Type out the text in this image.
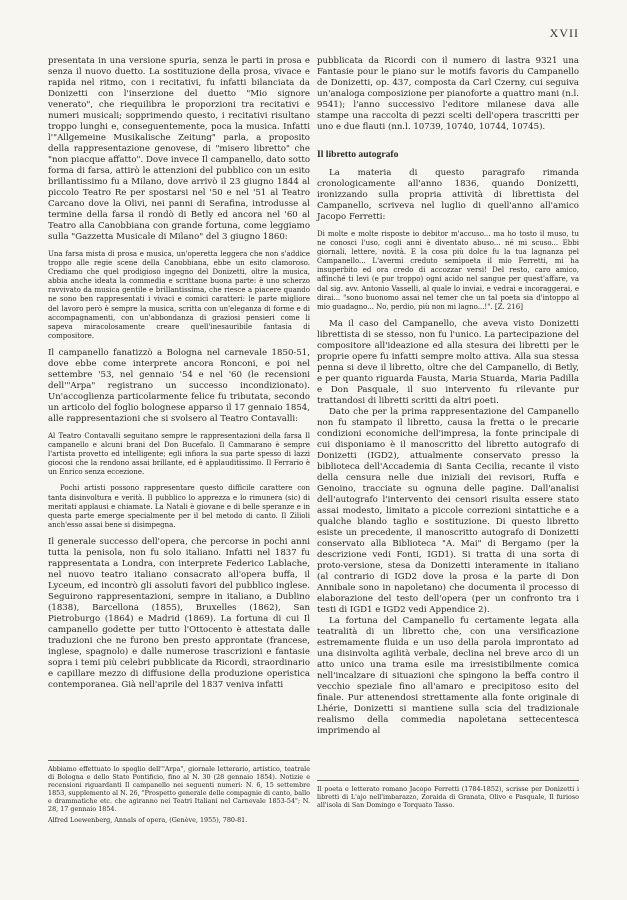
XVII

presentata in una versione spuria, senza le parti in prosa e senza il nuovo duetto. La sostituzione della prosa, vivace e rapida nel ritmo, con i recitativi, fu infatti bilanciata da Donizetti con l'inserzione del duetto "Mio signore venerato", che riequilibra le proporzioni tra recitativi e numeri musicali; sopprimendo questo, i recitativi risultano troppo lunghi e, conseguentemente, poca la musica. Infatti l'"Allgemeine Musikalische Zeitung" parla, a proposito della rappresentazione genovese, di "misero libretto" che "non piacque affatto". Dove invece Il campanello, dato sotto forma di farsa, attirò le attenzioni del pubblico con un esito brillantissimo fu a Milano, dove arrivò il 23 giugno 1844 al piccolo Teatro Re per spostarsi nel '50 e nel '51 al Teatro Carcano dove la Olivi, nei panni di Serafina, introdusse al termine della farsa il rondò di Betly ed ancora nel '60 al Teatro alla Canobbiana con grande fortuna, come leggiamo sulla "Gazzetta Musicale di Milano" del 3 giugno 1860:

Una farsa mista di prosa e musica, un'operetta leggera che non s'addice troppo alle regie scene della Canobbiana, ebbe un esito clamoroso. Crediamo che quel prodigioso ingegno del Donizetti, oltre la musica, abbia anche ideata la commedia e scrittane buona parte: è uno scherzo ravvivato da musica gentile e brillantissima, che riesce a piacere quando ne sono ben rappresentati i vivaci e comici caratteri: le parte migliore del lavoro però è sempre la musica, scritta con un'eleganza di forme e di accompagnamenti, con un'abbondanza di graziosi pensieri come li sapeva miracolosamente creare quell'inesauribile fantasia di compositore.

Il campanello fanatizzò a Bologna nel carnevale 1850-51, dove ebbe come interprete ancora Ronconi, e poi nel settembre '53, nel gennaio '54 e nel '60 (le recensioni dell'"Arpa" registrano un successo incondizionato). Un'accoglienza particolarmente felice fu tributata, secondo un articolo del foglio bolognese apparso il 17 gennaio 1854, alle rappresentazioni che si svolsero al Teatro Contavalli:

Al Teatro Contavalli seguitano sempre le rappresentazioni della farsa Il campanello e alcuni brani del Don Bucefalo. Il Cammarano è sempre l'artista provetto ed intelligente; egli infiora la sua parte spesso di lazzi giocosi che la rendono assai brillante, ed è applauditissimo. Il Ferrario è un Enrico senza eccezione.

Pochi artisti possono rappresentare questo difficile carattere con tanta disinvoltura e verità. Il pubblico lo apprezza e lo rimunera (sic) di meritati applausi e chiamate. La Natali è giovane e di belle speranze e in questa parte emerge specialmente per il bel metodo di canto. Il Zilioli anch'esso assai bene si disimpegna.

Il generale successo dell'opera, che percorse in pochi anni tutta la penisola, non fu solo italiano. Infatti nel 1837 fu rappresentata a Londra, con interprete Federico Lablache, nel nuovo teatro italiano consacrato all'opera buffa, il Lyceum, ed incontrò gli assoluti favori del pubblico inglese. Seguirono rappresentazioni, sempre in italiano, a Dublino (1838), Barcellona (1855), Bruxelles (1862), San Pietroburgo (1864) e Madrid (1869). La fortuna di cui Il campanello godette per tutto l'Ottocento è attestata dalle traduzioni che ne furono ben presto approntate (francese, inglese, spagnolo) e dalle numerose trascrizioni e fantasie sopra i temi più celebri pubblicate da Ricordi, straordinario e capillare mezzo di diffusione della produzione operistica contemporanea. Già nell'aprile del 1837 veniva infatti

Abbiamo effettuato lo spoglio dell'"Arpa", giornale letterario, artistico, teatrale di Bologna e dello Stato Pontificio, fino al N. 30 (28 gennaio 1854). Notizie e recensioni riguardanti Il campanello nei seguenti numeri: N. 6, 15 settembre 1853, supplemento al N. 26, "Prospetto generale delle compagnie di canto, ballo e drammatiche etc. che agiranno nei Teatri Italiani nel Carnevale 1853-54"; N. 28, 17 gennaio 1854.

Alfred Loewenberg, Annals of opera, (Genève, 1955), 780-81.

pubblicata da Ricordi con il numero di lastra 9321 una Fantasie pour le piano sur le motifs favoris du Campanello de Donizetti, op. 437, composta da Carl Czerny, cui seguiva un'analoga composizione per pianoforte a quattro mani (n.l. 9541); l'anno successivo l'editore milanese dava alle stampe una raccolta di pezzi scelti dell'opera trascritti per uno e due flauti (nn.l. 10739, 10740, 10744, 10745).

Il libretto autografo

La materia di questo paragrafo rimanda cronologicamente all'anno 1836, quando Donizetti, ironizzando sulla propria attività di librettista del Campanello, scriveva nel luglio di quell'anno all'amico Jacopo Ferretti:

Di molte e molte risposte io debitor m'accuso... ma ho tosto il muso, tu ne conosci l'uso, cogli anni è diventato abuso... né mi scuso... Ebbi giornali, lettere, novità. E la cosa più dolce fu la tua lagnanza pel Campanello... L'avermi creduto semipoeta il mio Ferretti, mi ha insuperbito ed ora credo di accozzar versi! Del resto, caro amico, affinché ti levi (e pur troppo) ogni acido nel sangue per quest'affare, va dal sig. avv. Antonio Vasselli, al quale lo inviai, e vedrai e incoraggerai, e dirai... "sono buonomo assai nel temer che un tal poeta sia d'intoppo al mio guadagno... No, perdio, più non mi lagno...!". [Z. 216]

Ma il caso del Campanello, che aveva visto Donizetti librettista di se stesso, non fu l'unico. La partecipazione del compositore all'ideazione ed alla stesura dei libretti per le proprie opere fu infatti sempre molto attiva. Alla sua stessa penna si deve il libretto, oltre che del Campanello, di Betly, e per quanto riguarda Fausta, Maria Stuarda, Maria Padilla e Don Pasquale, il suo intervento fu rilevante pur trattandosi di libretti scritti da altri poeti.

Dato che per la prima rappresentazione del Campanello non fu stampato il libretto, causa la fretta o le precarie condizioni economiche dell'impresa, la fonte principale di cui disponiamo è il manoscritto del libretto autografo di Donizetti (IGD2), attualmente conservato presso la biblioteca dell'Accademia di Santa Cecilia, recante il visto della censura nelle due iniziali dei revisori, Ruffa e Genoino, tracciate su ognuna delle pagine. Dall'analisi dell'autografo l'intervento dei censori risulta essere stato assai modesto, limitato a piccole correzioni sintattiche e a qualche blando taglio e sostituzione. Di questo libretto esiste un precedente, il manoscritto autografo di Donizetti conservato alla Biblioteca "A. Mai" di Bergamo (per la descrizione vedi Fonti, IGD1). Si tratta di una sorta di proto-versione, stesa da Donizetti interamente in italiano (al contrario di IGD2 dove la prosa e la parte di Don Annibale sono in napoletano) che documenta il processo di elaborazione del testo dell'opera (per un confronto tra i testi di IGD1 e IGD2 vedi Appendice 2).

La fortuna del Campanello fu certamente legata alla teatralità di un libretto che, con una versificazione estremamente fluida e un uso della parola improntato ad una disinvolta agilità verbale, declina nel breve arco di un atto unico una trama esile ma irresistibilmente comica nell'incalzare di situazioni che spingono la beffa contro il vecchio speziale fino all'amaro e precipitoso esito del finale. Pur attenendosi strettamente alla fonte originale di Lhérie, Donizetti si mantiene sulla scia del tradizionale realismo della commedia napoletana settecentesca imprimendo al

Il poeta e letterato romano Jacopo Ferretti (1784-1852), scrisse per Donizetti i libretti di L'ajo nell'imbarazzo, Zoraida di Granata, Olivo e Pasquale, Il furioso all'isola di San Domingo e Torquato Tasso.
